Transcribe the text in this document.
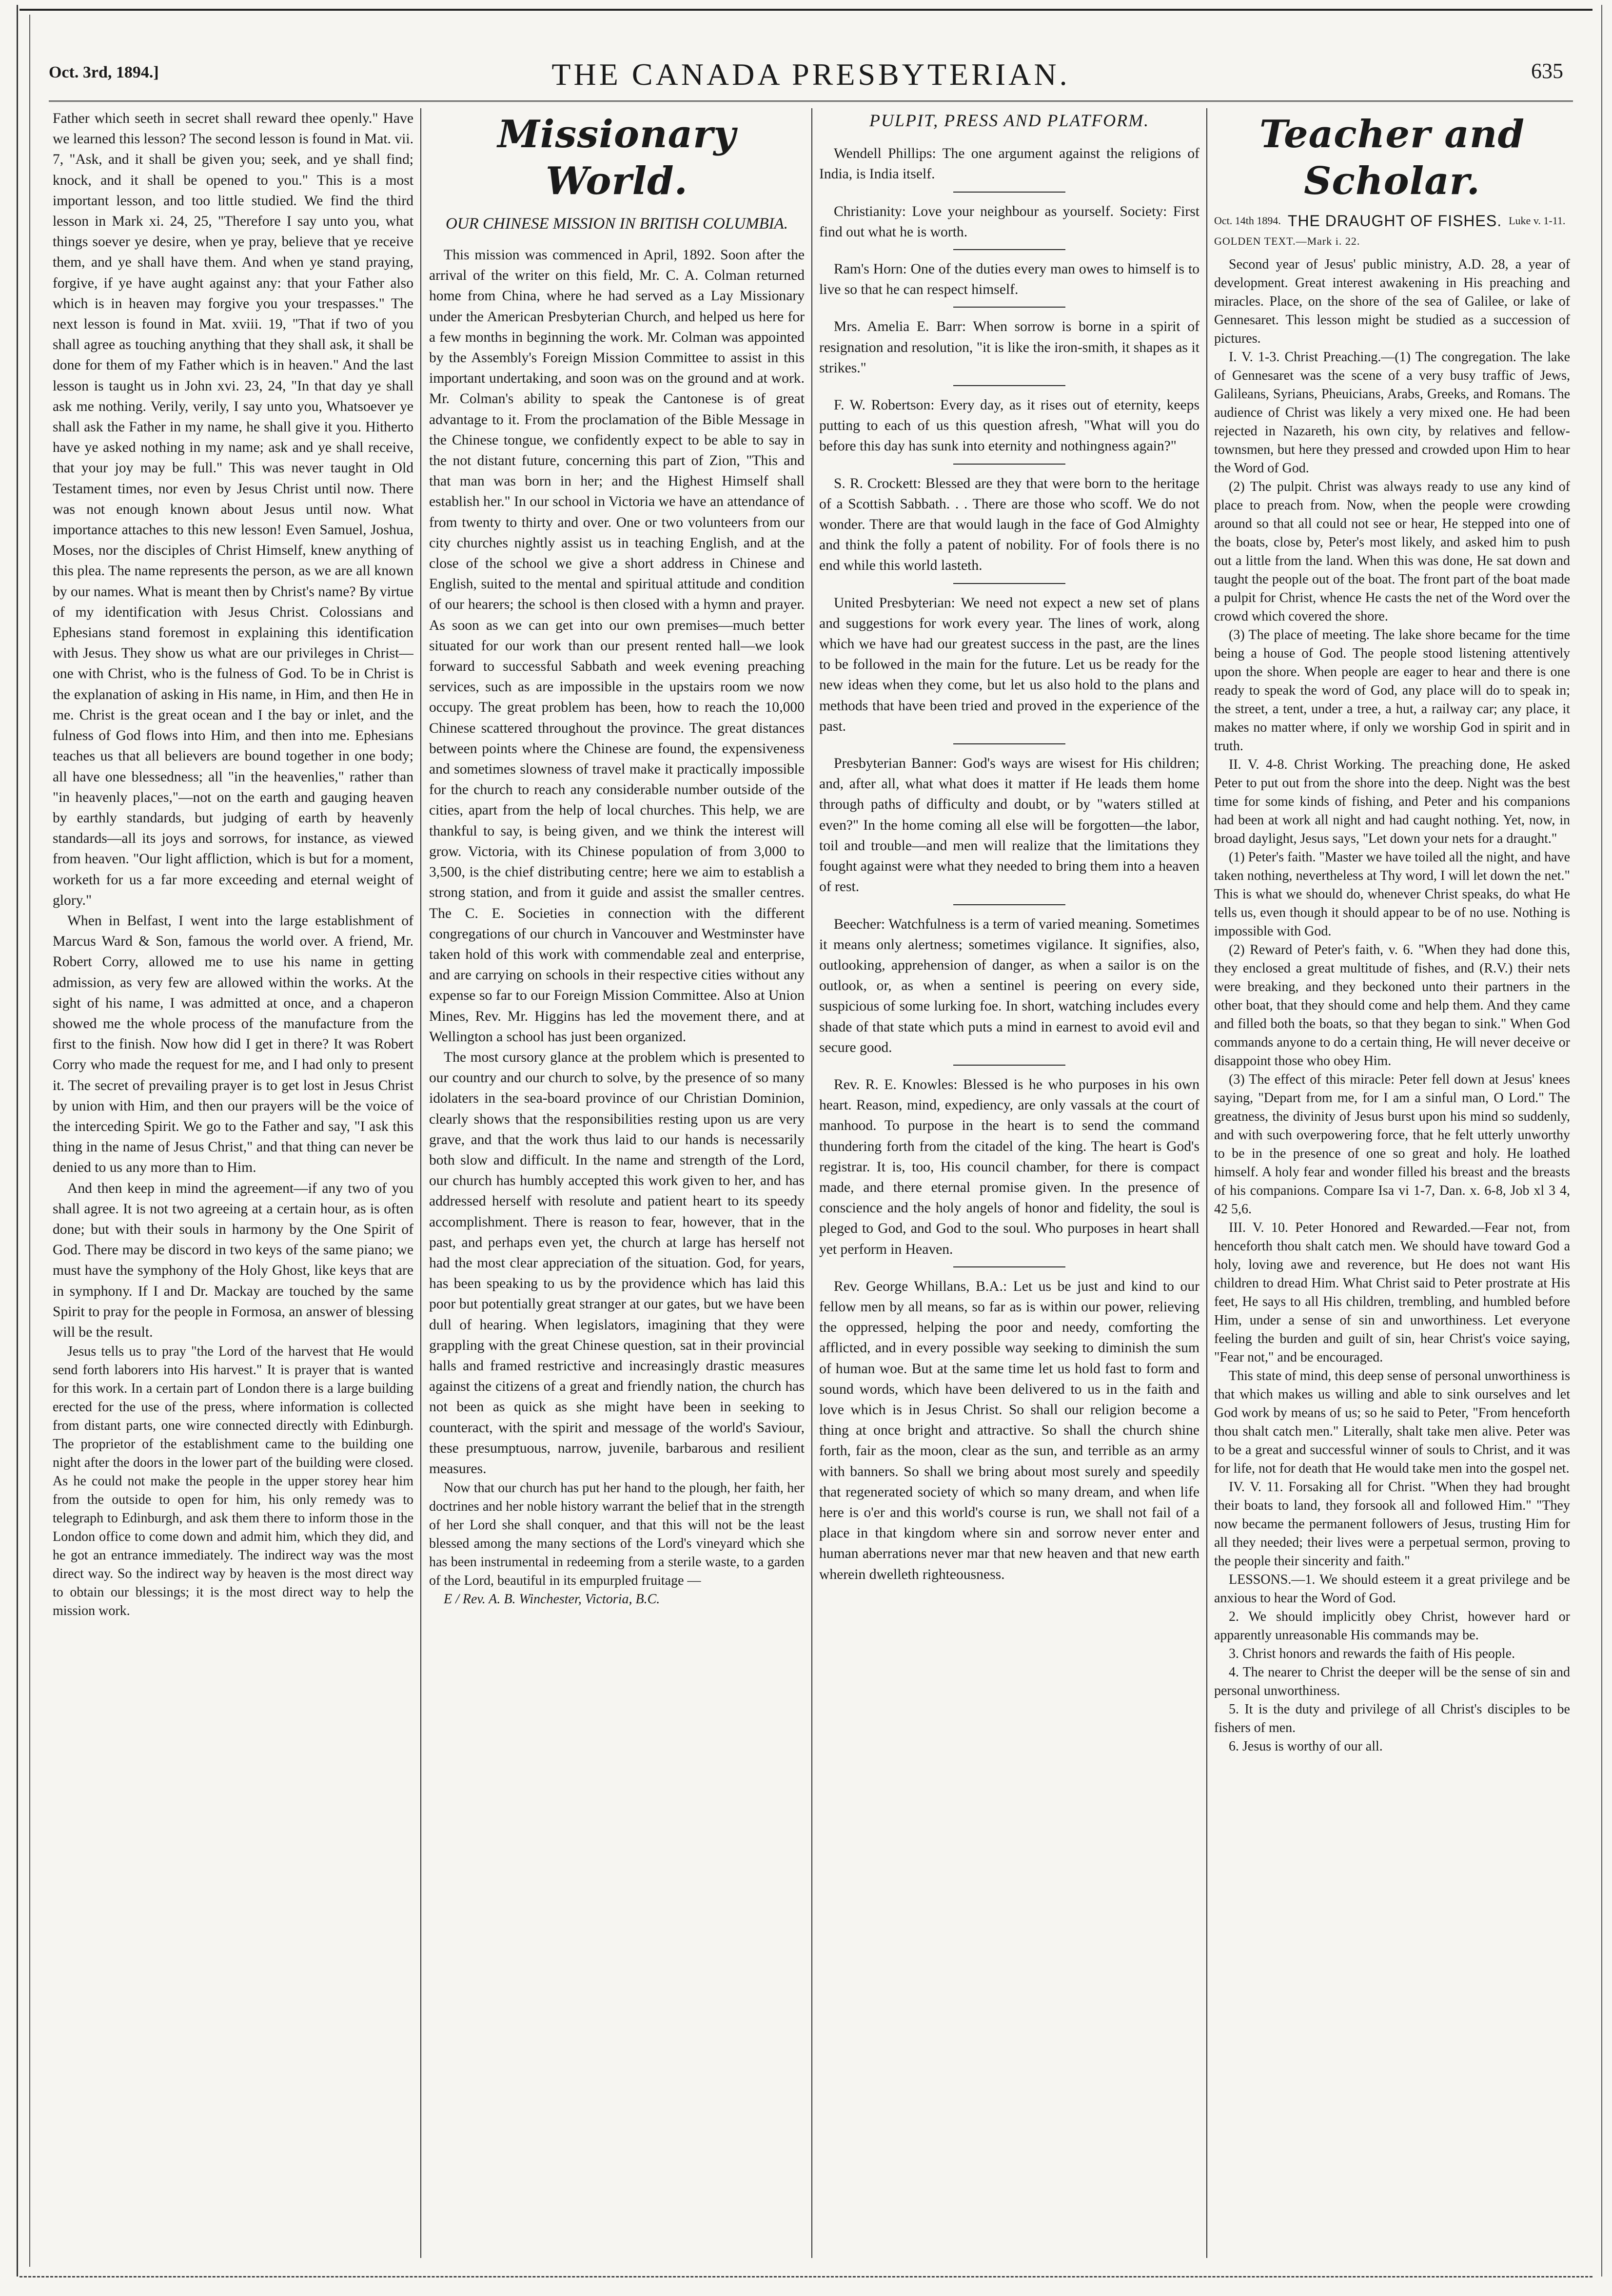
Oct. 3rd, 1894.]	THE CANADA PRESBYTERIAN.	635

Father which seeth in secret shall reward thee openly." Have we learned this lesson? The second lesson is found in Mat. vii. 7, "Ask, and it shall be given you; seek, and ye shall find; knock, and it shall be opened to you." This is a most important lesson, and too little studied. We find the third lesson in Mark xi. 24, 25, "Therefore I say unto you, what things soever ye desire, when ye pray, believe that ye receive them, and ye shall have them. And when ye stand praying, forgive, if ye have aught against any: that your Father also which is in heaven may forgive you your trespasses." The next lesson is found in Mat. xviii. 19, "That if two of you shall agree as touching anything that they shall ask, it shall be done for them of my Father which is in heaven." And the last lesson is taught us in John xvi. 23, 24, "In that day ye shall ask me nothing. Verily, verily, I say unto you, Whatsoever ye shall ask the Father in my name, he shall give it you. Hitherto have ye asked nothing in my name; ask and ye shall receive, that your joy may be full." This was never taught in Old Testament times, nor even by Jesus Christ until now. There was not enough known about Jesus until now. What importance attaches to this new lesson! Even Samuel, Joshua, Moses, nor the disciples of Christ Himself, knew anything of this plea. The name represents the person, as we are all known by our names. What is meant then by Christ's name? By virtue of my identification with Jesus Christ. Colossians and Ephesians stand foremost in explaining this identification with Jesus. They show us what are our privileges in Christ—one with Christ, who is the fulness of God. To be in Christ is the explanation of asking in His name, in Him, and then He in me. Christ is the great ocean and I the bay or inlet, and the fulness of God flows into Him, and then into me. Ephesians teaches us that all believers are bound together in one body; all have one blessedness; all "in the heavenlies," rather than "in heavenly places,"—not on the earth and gauging heaven by earthly standards, but judging of earth by heavenly standards—all its joys and sorrows, for instance, as viewed from heaven. "Our light affliction, which is but for a moment, worketh for us a far more exceeding and eternal weight of glory."

When in Belfast, I went into the large establishment of Marcus Ward & Son, famous the world over. A friend, Mr. Robert Corry, allowed me to use his name in getting admission, as very few are allowed within the works. At the sight of his name, I was admitted at once, and a chaperon showed me the whole process of the manufacture from the first to the finish. Now how did I get in there? It was Robert Corry who made the request for me, and I had only to present it. The secret of prevailing prayer is to get lost in Jesus Christ by union with Him, and then our prayers will be the voice of the interceding Spirit. We go to the Father and say, "I ask this thing in the name of Jesus Christ," and that thing can never be denied to us any more than to Him.

And then keep in mind the agreement—if any two of you shall agree. It is not two agreeing at a certain hour, as is often done; but with their souls in harmony by the One Spirit of God. There may be discord in two keys of the same piano; we must have the symphony of the Holy Ghost, like keys that are in symphony. If I and Dr. Mackay are touched by the same Spirit to pray for the people in Formosa, an answer of blessing will be the result.

Jesus tells us to pray "the Lord of the harvest that He would send forth laborers into His harvest." It is prayer that is wanted for this work. In a certain part of London there is a large building erected for the use of the press, where information is collected from distant parts, one wire connected directly with Edinburgh. The proprietor of the establishment came to the building one night after the doors in the lower part of the building were closed. As he could not make the people in the upper storey hear him from the outside to open for him, his only remedy was to telegraph to Edinburgh, and ask them there to inform those in the London office to come down and admit him, which they did, and he got an entrance immediately. The indirect way was the most direct way. So the indirect way by heaven is the most direct way to obtain our blessings; it is the most direct way to help the mission work.

Missionary World.
OUR CHINESE MISSION IN BRITISH COLUMBIA.

This mission was commenced in April, 1892. Soon after the arrival of the writer on this field, Mr. C. A. Colman returned home from China, where he had served as a Lay Missionary under the American Presbyterian Church, and helped us here for a few months in beginning the work. Mr. Colman was appointed by the Assembly's Foreign Mission Committee to assist in this important undertaking, and soon was on the ground and at work. Mr. Colman's ability to speak the Cantonese is of great advantage to it. From the proclamation of the Bible Message in the Chinese tongue, we confidently expect to be able to say in the not distant future, concerning this part of Zion, "This and that man was born in her; and the Highest Himself shall establish her." In our school in Victoria we have an attendance of from twenty to thirty and over. One or two volunteers from our city churches nightly assist us in teaching English, and at the close of the school we give a short address in Chinese and English, suited to the mental and spiritual attitude and condition of our hearers; the school is then closed with a hymn and prayer. As soon as we can get into our own premises—much better situated for our work than our present rented hall—we look forward to successful Sabbath and week evening preaching services, such as are impossible in the upstairs room we now occupy. The great problem has been, how to reach the 10,000 Chinese scattered throughout the province. The great distances between points where the Chinese are found, the expensiveness and sometimes slowness of travel make it practically impossible for the church to reach any considerable number outside of the cities, apart from the help of local churches. This help, we are thankful to say, is being given, and we think the interest will grow. Victoria, with its Chinese population of from 3,000 to 3,500, is the chief distributing centre; here we aim to establish a strong station, and from it guide and assist the smaller centres. The C. E. Societies in connection with the different congregations of our church in Vancouver and Westminster have taken hold of this work with commendable zeal and enterprise, and are carrying on schools in their respective cities without any expense so far to our Foreign Mission Committee. Also at Union Mines, Rev. Mr. Higgins has led the movement there, and at Wellington a school has just been organized.

The most cursory glance at the problem which is presented to our country and our church to solve, by the presence of so many idolaters in the sea-board province of our Christian Dominion, clearly shows that the responsibilities resting upon us are very grave, and that the work thus laid to our hands is necessarily both slow and difficult. In the name and strength of the Lord, our church has humbly accepted this work given to her, and has addressed herself with resolute and patient heart to its speedy accomplishment. There is reason to fear, however, that in the past, and perhaps even yet, the church at large has herself not had the most clear appreciation of the situation. God, for years, has been speaking to us by the providence which has laid this poor but potentially great stranger at our gates, but we have been dull of hearing. When legislators, imagining that they were grappling with the great Chinese question, sat in their provincial halls and framed restrictive and increasingly drastic measures against the citizens of a great and friendly nation, the church has not been as quick as she might have been in seeking to counteract, with the spirit and message of the world's Saviour, these presumptuous, narrow, juvenile, barbarous and resilient measures.

Now that our church has put her hand to the plough, her faith, her doctrines and her noble history warrant the belief that in the strength of her Lord she shall conquer, and that this will not be the least blessed among the many sections of the Lord's vineyard which she has been instrumental in redeeming from a sterile waste, to a garden of the Lord, beautiful in its empurpled fruitage —

E / Rev. A. B. Winchester, Victoria, B.C.

PULPIT, PRESS AND PLATFORM.

Wendell Phillips: The one argument against the religions of India, is India itself.

Christianity: Love your neighbour as yourself. Society: First find out what he is worth.

Ram's Horn: One of the duties every man owes to himself is to live so that he can respect himself.

Mrs. Amelia E. Barr: When sorrow is borne in a spirit of resignation and resolution, "it is like the iron-smith, it shapes as it strikes."

F. W. Robertson: Every day, as it rises out of eternity, keeps putting to each of us this question afresh, "What will you do before this day has sunk into eternity and nothingness again?"

S. R. Crockett: Blessed are they that were born to the heritage of a Scottish Sabbath. . . There are those who scoff. We do not wonder. There are that would laugh in the face of God Almighty and think the folly a patent of nobility. For of fools there is no end while this world lasteth.

United Presbyterian: We need not expect a new set of plans and suggestions for work every year. The lines of work, along which we have had our greatest success in the past, are the lines to be followed in the main for the future. Let us be ready for the new ideas when they come, but let us also hold to the plans and methods that have been tried and proved in the experience of the past.

Presbyterian Banner: God's ways are wisest for His children; and, after all, what what does it matter if He leads them home through paths of difficulty and doubt, or by "waters stilled at even?" In the home coming all else will be forgotten—the labor, toil and trouble—and men will realize that the limitations they fought against were what they needed to bring them into a heaven of rest.

Beecher: Watchfulness is a term of varied meaning. Sometimes it means only alertness; sometimes vigilance. It signifies, also, outlooking, apprehension of danger, as when a sailor is on the outlook, or, as when a sentinel is peering on every side, suspicious of some lurking foe. In short, watching includes every shade of that state which puts a mind in earnest to avoid evil and secure good.

Rev. R. E. Knowles: Blessed is he who purposes in his own heart. Reason, mind, expediency, are only vassals at the court of manhood. To purpose in the heart is to send the command thundering forth from the citadel of the king. The heart is God's registrar. It is, too, His council chamber, for there is compact made, and there eternal promise given. In the presence of conscience and the holy angels of honor and fidelity, the soul is pleged to God, and God to the soul. Who purposes in heart shall yet perform in Heaven.

Rev. George Whillans, B.A.: Let us be just and kind to our fellow men by all means, so far as is within our power, relieving the oppressed, helping the poor and needy, comforting the afflicted, and in every possible way seeking to diminish the sum of human woe. But at the same time let us hold fast to form and sound words, which have been delivered to us in the faith and love which is in Jesus Christ. So shall our religion become a thing at once bright and attractive. So shall the church shine forth, fair as the moon, clear as the sun, and terrible as an army with banners. So shall we bring about most surely and speedily that regenerated society of which so many dream, and when life here is o'er and this world's course is run, we shall not fail of a place in that kingdom where sin and sorrow never enter and human aberrations never mar that new heaven and that new earth wherein dwelleth righteousness.

Teacher and Scholar.
Oct. 14th 1894. THE DRAUGHT OF FISHES. Luke v. 1-11.
GOLDEN TEXT.—Mark i. 22.

Second year of Jesus' public ministry, A.D. 28, a year of development. Great interest awakening in His preaching and miracles. Place, on the shore of the sea of Galilee, or lake of Gennesaret. This lesson might be studied as a succession of pictures.

I. V. 1-3. Christ Preaching.—(1) The congregation. The lake of Gennesaret was the scene of a very busy traffic of Jews, Galileans, Syrians, Pheuicians, Arabs, Greeks, and Romans. The audience of Christ was likely a very mixed one. He had been rejected in Nazareth, his own city, by relatives and fellow-townsmen, but here they pressed and crowded upon Him to hear the Word of God.

(2) The pulpit. Christ was always ready to use any kind of place to preach from. Now, when the people were crowding around so that all could not see or hear, He stepped into one of the boats, close by, Peter's most likely, and asked him to push out a little from the land. When this was done, He sat down and taught the people out of the boat. The front part of the boat made a pulpit for Christ, whence He casts the net of the Word over the crowd which covered the shore.

(3) The place of meeting. The lake shore became for the time being a house of God. The people stood listening attentively upon the shore. When people are eager to hear and there is one ready to speak the word of God, any place will do to speak in; the street, a tent, under a tree, a hut, a railway car; any place, it makes no matter where, if only we worship God in spirit and in truth.

II. V. 4-8. Christ Working. The preaching done, He asked Peter to put out from the shore into the deep. Night was the best time for some kinds of fishing, and Peter and his companions had been at work all night and had caught nothing. Yet, now, in broad daylight, Jesus says, "Let down your nets for a draught."

(1) Peter's faith. "Master we have toiled all the night, and have taken nothing, nevertheless at Thy word, I will let down the net." This is what we should do, whenever Christ speaks, do what He tells us, even though it should appear to be of no use. Nothing is impossible with God.

(2) Reward of Peter's faith, v. 6. "When they had done this, they enclosed a great multitude of fishes, and (R.V.) their nets were breaking, and they beckoned unto their partners in the other boat, that they should come and help them. And they came and filled both the boats, so that they began to sink." When God commands anyone to do a certain thing, He will never deceive or disappoint those who obey Him.

(3) The effect of this miracle: Peter fell down at Jesus' knees saying, "Depart from me, for I am a sinful man, O Lord." The greatness, the divinity of Jesus burst upon his mind so suddenly, and with such overpowering force, that he felt utterly unworthy to be in the presence of one so great and holy. He loathed himself. A holy fear and wonder filled his breast and the breasts of his companions. Compare Isa vi 1-7, Dan. x. 6-8, Job xl 3 4, 42 5,6.

III. V. 10. Peter Honored and Rewarded.—Fear not, from henceforth thou shalt catch men. We should have toward God a holy, loving awe and reverence, but He does not want His children to dread Him. What Christ said to Peter prostrate at His feet, He says to all His children, trembling, and humbled before Him, under a sense of sin and unworthiness. Let everyone feeling the burden and guilt of sin, hear Christ's voice saying, "Fear not," and be encouraged.

This state of mind, this deep sense of personal unworthiness is that which makes us willing and able to sink ourselves and let God work by means of us; so he said to Peter, "From henceforth thou shalt catch men." Literally, shalt take men alive. Peter was to be a great and successful winner of souls to Christ, and it was for life, not for death that He would take men into the gospel net.

IV. V. 11. Forsaking all for Christ. "When they had brought their boats to land, they forsook all and followed Him." "They now became the permanent followers of Jesus, trusting Him for all they needed; their lives were a perpetual sermon, proving to the people their sincerity and faith."

LESSONS.—1. We should esteem it a great privilege and be anxious to hear the Word of God.

2. We should implicitly obey Christ, however hard or apparently unreasonable His commands may be.

3. Christ honors and rewards the faith of His people.

4. The nearer to Christ the deeper will be the sense of sin and personal unworthiness.

5. It is the duty and privilege of all Christ's disciples to be fishers of men.

6. Jesus is worthy of our all.
